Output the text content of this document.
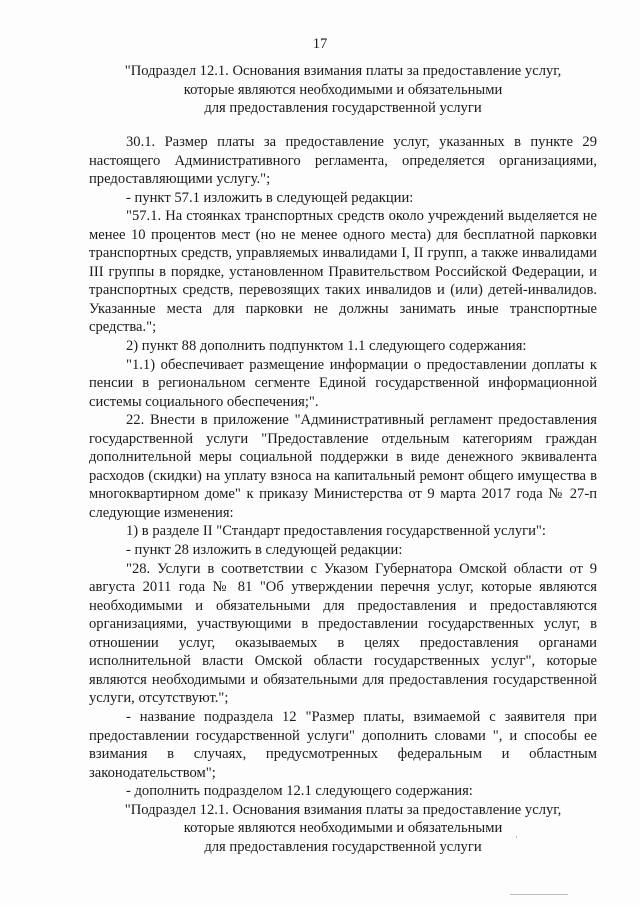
17
"Подраздел 12.1. Основания взимания платы за предоставление услуг,
которые являются необходимыми и обязательными
для предоставления государственной услуги

30.1. Размер платы за предоставление услуг, указанных в пункте 29 настоящего Административного регламента, определяется организациями, предоставляющими услугу.";

- пункт 57.1 изложить в следующей редакции:

"57.1. На стоянках транспортных средств около учреждений выделяется не менее 10 процентов мест (но не менее одного места) для бесплатной парковки транспортных средств, управляемых инвалидами I, II групп, а также инвалидами III группы в порядке, установленном Правительством Российской Федерации, и транспортных средств, перевозящих таких инвалидов и (или) детей-инвалидов. Указанные места для парковки не должны занимать иные транспортные средства.";

2) пункт 88 дополнить подпунктом 1.1 следующего содержания:

"1.1) обеспечивает размещение информации о предоставлении доплаты к пенсии в региональном сегменте Единой государственной информационной системы социального обеспечения;".

22. Внести в приложение "Административный регламент предоставления государственной услуги "Предоставление отдельным категориям граждан дополнительной меры социальной поддержки в виде денежного эквивалента расходов (скидки) на уплату взноса на капитальный ремонт общего имущества в многоквартирном доме" к приказу Министерства от 9 марта 2017 года № 27-п следующие изменения:

1) в разделе II "Стандарт предоставления государственной услуги":

- пункт 28 изложить в следующей редакции:

"28. Услуги в соответствии с Указом Губернатора Омской области от 9 августа 2011 года № 81 "Об утверждении перечня услуг, которые являются необходимыми и обязательными для предоставления и предоставляются организациями, участвующими в предоставлении государственных услуг, в отношении услуг, оказываемых в целях предоставления органами исполнительной власти Омской области государственных услуг", которые являются необходимыми и обязательными для предоставления государственной услуги, отсутствуют.";

- название подраздела 12 "Размер платы, взимаемой с заявителя при предоставлении государственной услуги" дополнить словами ", и способы ее взимания в случаях, предусмотренных федеральным и областным законодательством";

- дополнить подразделом 12.1 следующего содержания:

"Подраздел 12.1. Основания взимания платы за предоставление услуг,
которые являются необходимыми и обязательными
для предоставления государственной услуги
